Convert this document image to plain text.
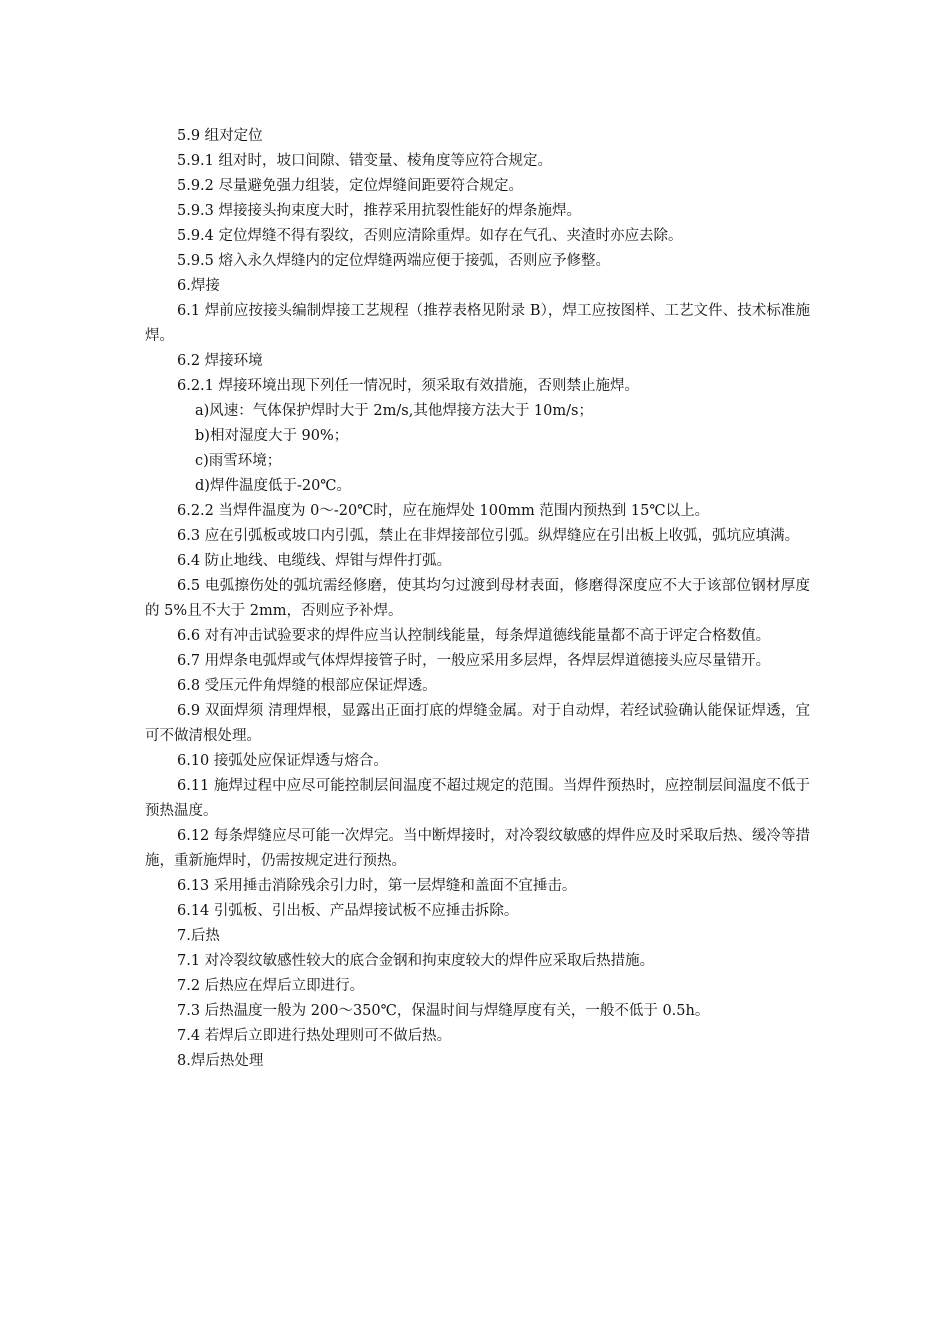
5.9 组对定位

5.9.1 组对时，坡口间隙、错变量、棱角度等应符合规定。

5.9.2 尽量避免强力组装，定位焊缝间距要符合规定。

5.9.3 焊接接头拘束度大时，推荐采用抗裂性能好的焊条施焊。

5.9.4 定位焊缝不得有裂纹，否则应清除重焊。如存在气孔、夹渣时亦应去除。

5.9.5 熔入永久焊缝内的定位焊缝两端应便于接弧，否则应予修整。

6.焊接

6.1 焊前应按接头编制焊接工艺规程（推荐表格见附录 B），焊工应按图样、工艺文件、技术标准施焊。

6.2 焊接环境

6.2.1 焊接环境出现下列任一情况时，须采取有效措施，否则禁止施焊。

a)风速：气体保护焊时大于 2m/s,其他焊接方法大于 10m/s；

b)相对湿度大于 90%；

c)雨雪环境；

d)焊件温度低于-20℃。

6.2.2 当焊件温度为 0～-20℃时，应在施焊处 100mm 范围内预热到 15℃以上。

6.3 应在引弧板或坡口内引弧，禁止在非焊接部位引弧。纵焊缝应在引出板上收弧，弧坑应填满。

6.4 防止地线、电缆线、焊钳与焊件打弧。

6.5 电弧擦伤处的弧坑需经修磨，使其均匀过渡到母材表面，修磨得深度应不大于该部位钢材厚度的 5%且不大于 2mm，否则应予补焊。

6.6 对有冲击试验要求的焊件应当认控制线能量，每条焊道德线能量都不高于评定合格数值。

6.7 用焊条电弧焊或气体焊焊接管子时，一般应采用多层焊，各焊层焊道德接头应尽量错开。

6.8 受压元件角焊缝的根部应保证焊透。

6.9 双面焊须 清理焊根，显露出正面打底的焊缝金属。对于自动焊，若经试验确认能保证焊透，宜可不做清根处理。

6.10 接弧处应保证焊透与熔合。

6.11 施焊过程中应尽可能控制层间温度不超过规定的范围。当焊件预热时，应控制层间温度不低于预热温度。

6.12 每条焊缝应尽可能一次焊完。当中断焊接时，对冷裂纹敏感的焊件应及时采取后热、缓冷等措施，重新施焊时，仍需按规定进行预热。

6.13 采用捶击消除残余引力时，第一层焊缝和盖面不宜捶击。

6.14 引弧板、引出板、产品焊接试板不应捶击拆除。

7.后热

7.1 对冷裂纹敏感性较大的底合金钢和拘束度较大的焊件应采取后热措施。

7.2 后热应在焊后立即进行。

7.3 后热温度一般为 200～350℃，保温时间与焊缝厚度有关，一般不低于 0.5h。

7.4 若焊后立即进行热处理则可不做后热。

8.焊后热处理
